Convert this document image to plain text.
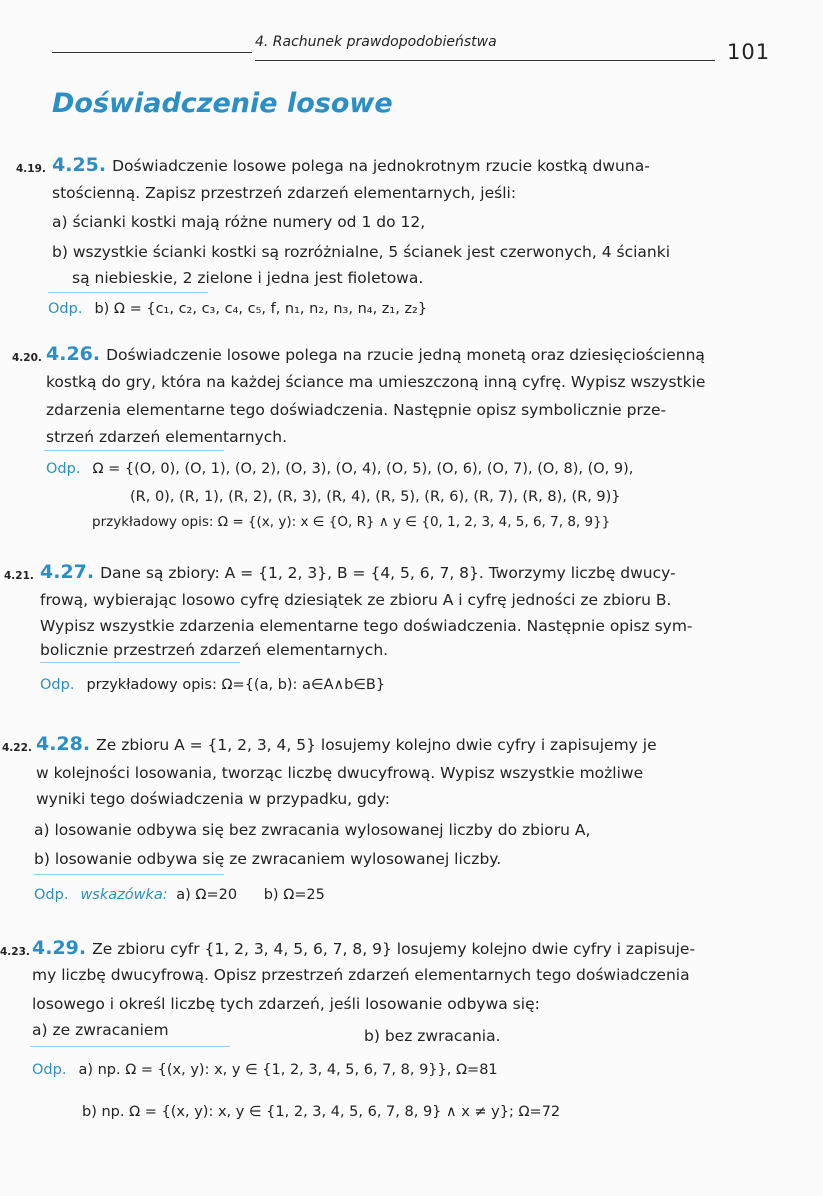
4. Rachunek prawdopodobieństwa	101
Doświadczenie losowe
4.19. 4.25. Doświadczenie losowe polega na jednokrotnym rzucie kostką dwuna-
stościenną. Zapisz przestrzeń zdarzeń elementarnych, jeśli:
a) ścianki kostki mają różne numery od 1 do 12,
b) wszystkie ścianki kostki są rozróżnialne, 5 ścianek jest czerwonych, 4 ścianki
są niebieskie, 2 zielone i jedna jest fioletowa.
Odp. b) Ω = {c₁, c₂, c₃, c₄, c₅, f, n₁, n₂, n₃, n₄, z₁, z₂}
4.20. 4.26. Doświadczenie losowe polega na rzucie jedną monetą oraz dziesięciościenną
kostką do gry, która na każdej ściance ma umieszczoną inną cyfrę. Wypisz wszystkie
zdarzenia elementarne tego doświadczenia. Następnie opisz symbolicznie prze-
strzeń zdarzeń elementarnych.
Odp. Ω = {(O, 0), (O, 1), (O, 2), (O, 3), (O, 4), (O, 5), (O, 6), (O, 7), (O, 8), (O, 9),
(R, 0), (R, 1), (R, 2), (R, 3), (R, 4), (R, 5), (R, 6), (R, 7), (R, 8), (R, 9)}
przykładowy opis: Ω = {(x, y): x ∈ {O, R} ∧ y ∈ {0, 1, 2, 3, 4, 5, 6, 7, 8, 9}}
4.21. 4.27. Dane są zbiory: A = {1, 2, 3}, B = {4, 5, 6, 7, 8}. Tworzymy liczbę dwucy-
frową, wybierając losowo cyfrę dziesiątek ze zbioru A i cyfrę jedności ze zbioru B.
Wypisz wszystkie zdarzenia elementarne tego doświadczenia. Następnie opisz sym-
bolicznie przestrzeń zdarzeń elementarnych.
Odp. przykładowy opis: Ω={(a, b): a∈A∧b∈B}
4.22. 4.28. Ze zbioru A = {1, 2, 3, 4, 5} losujemy kolejno dwie cyfry i zapisujemy je
w kolejności losowania, tworząc liczbę dwucyfrową. Wypisz wszystkie możliwe
wyniki tego doświadczenia w przypadku, gdy:
a) losowanie odbywa się bez zwracania wylosowanej liczby do zbioru A,
b) losowanie odbywa się ze zwracaniem wylosowanej liczby.
Odp. wskazówka: a) Ω=20 b) Ω=25
4.23. 4.29. Ze zbioru cyfr {1, 2, 3, 4, 5, 6, 7, 8, 9} losujemy kolejno dwie cyfry i zapisuje-
my liczbę dwucyfrową. Opisz przestrzeń zdarzeń elementarnych tego doświadczenia
losowego i określ liczbę tych zdarzeń, jeśli losowanie odbywa się:
a) ze zwracaniem	b) bez zwracania.
Odp. a) np. Ω = {(x, y): x, y ∈ {1, 2, 3, 4, 5, 6, 7, 8, 9}}, Ω=81
b) np. Ω = {(x, y): x, y ∈ {1, 2, 3, 4, 5, 6, 7, 8, 9} ∧ x ≠ y}; Ω=72
